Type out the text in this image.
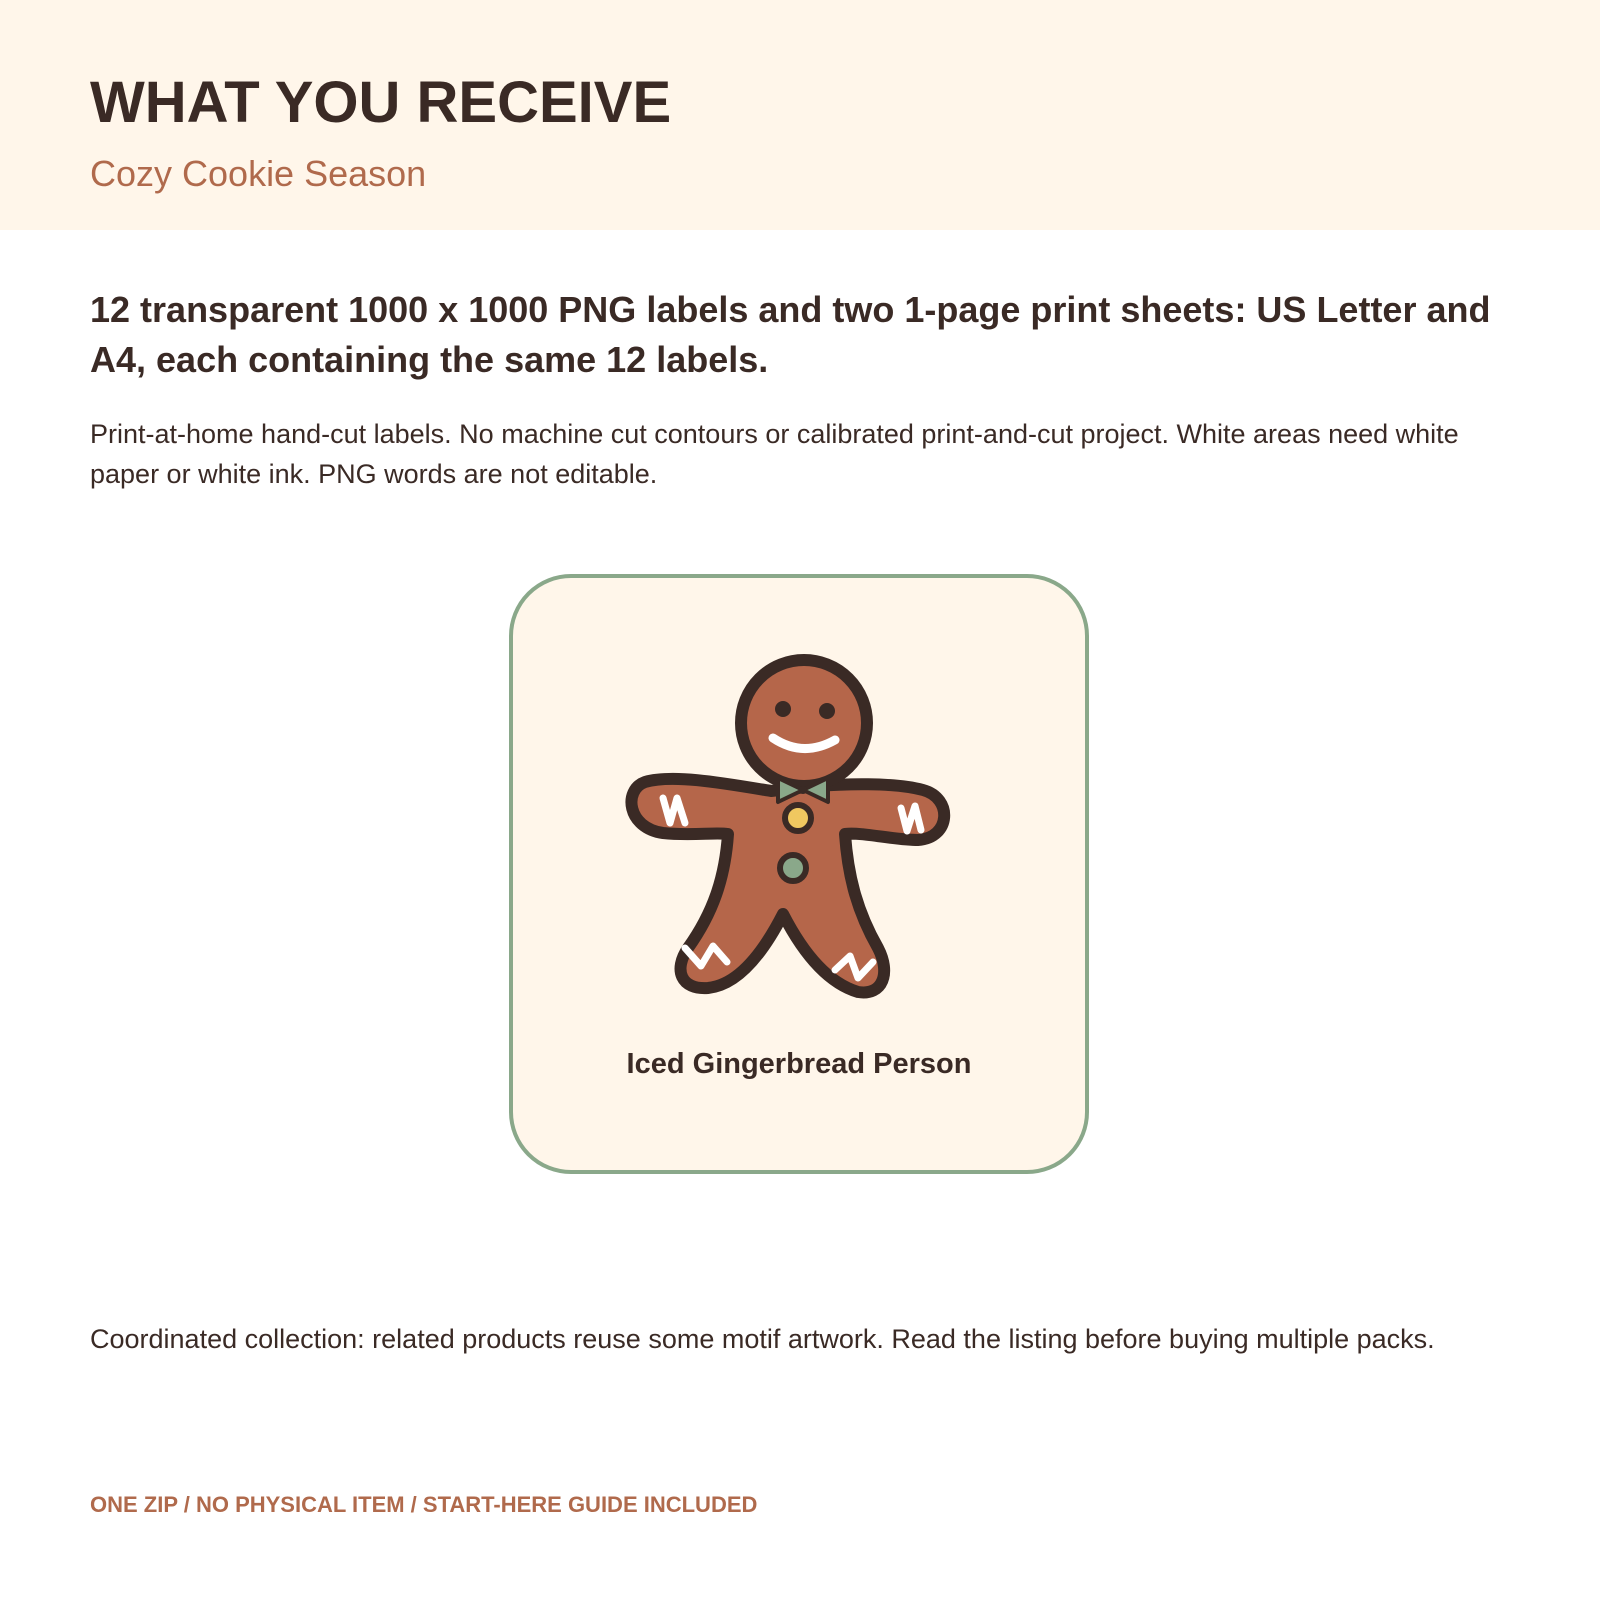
WHAT YOU RECEIVE

Cozy Cookie Season

12 transparent 1000 x 1000 PNG labels and two 1-page print sheets: US Letter and A4, each containing the same 12 labels.

Print-at-home hand-cut labels. No machine cut contours or calibrated print-and-cut project. White areas need white paper or white ink. PNG words are not editable.

Iced Gingerbread Person

Coordinated collection: related products reuse some motif artwork. Read the listing before buying multiple packs.

ONE ZIP / NO PHYSICAL ITEM / START-HERE GUIDE INCLUDED
